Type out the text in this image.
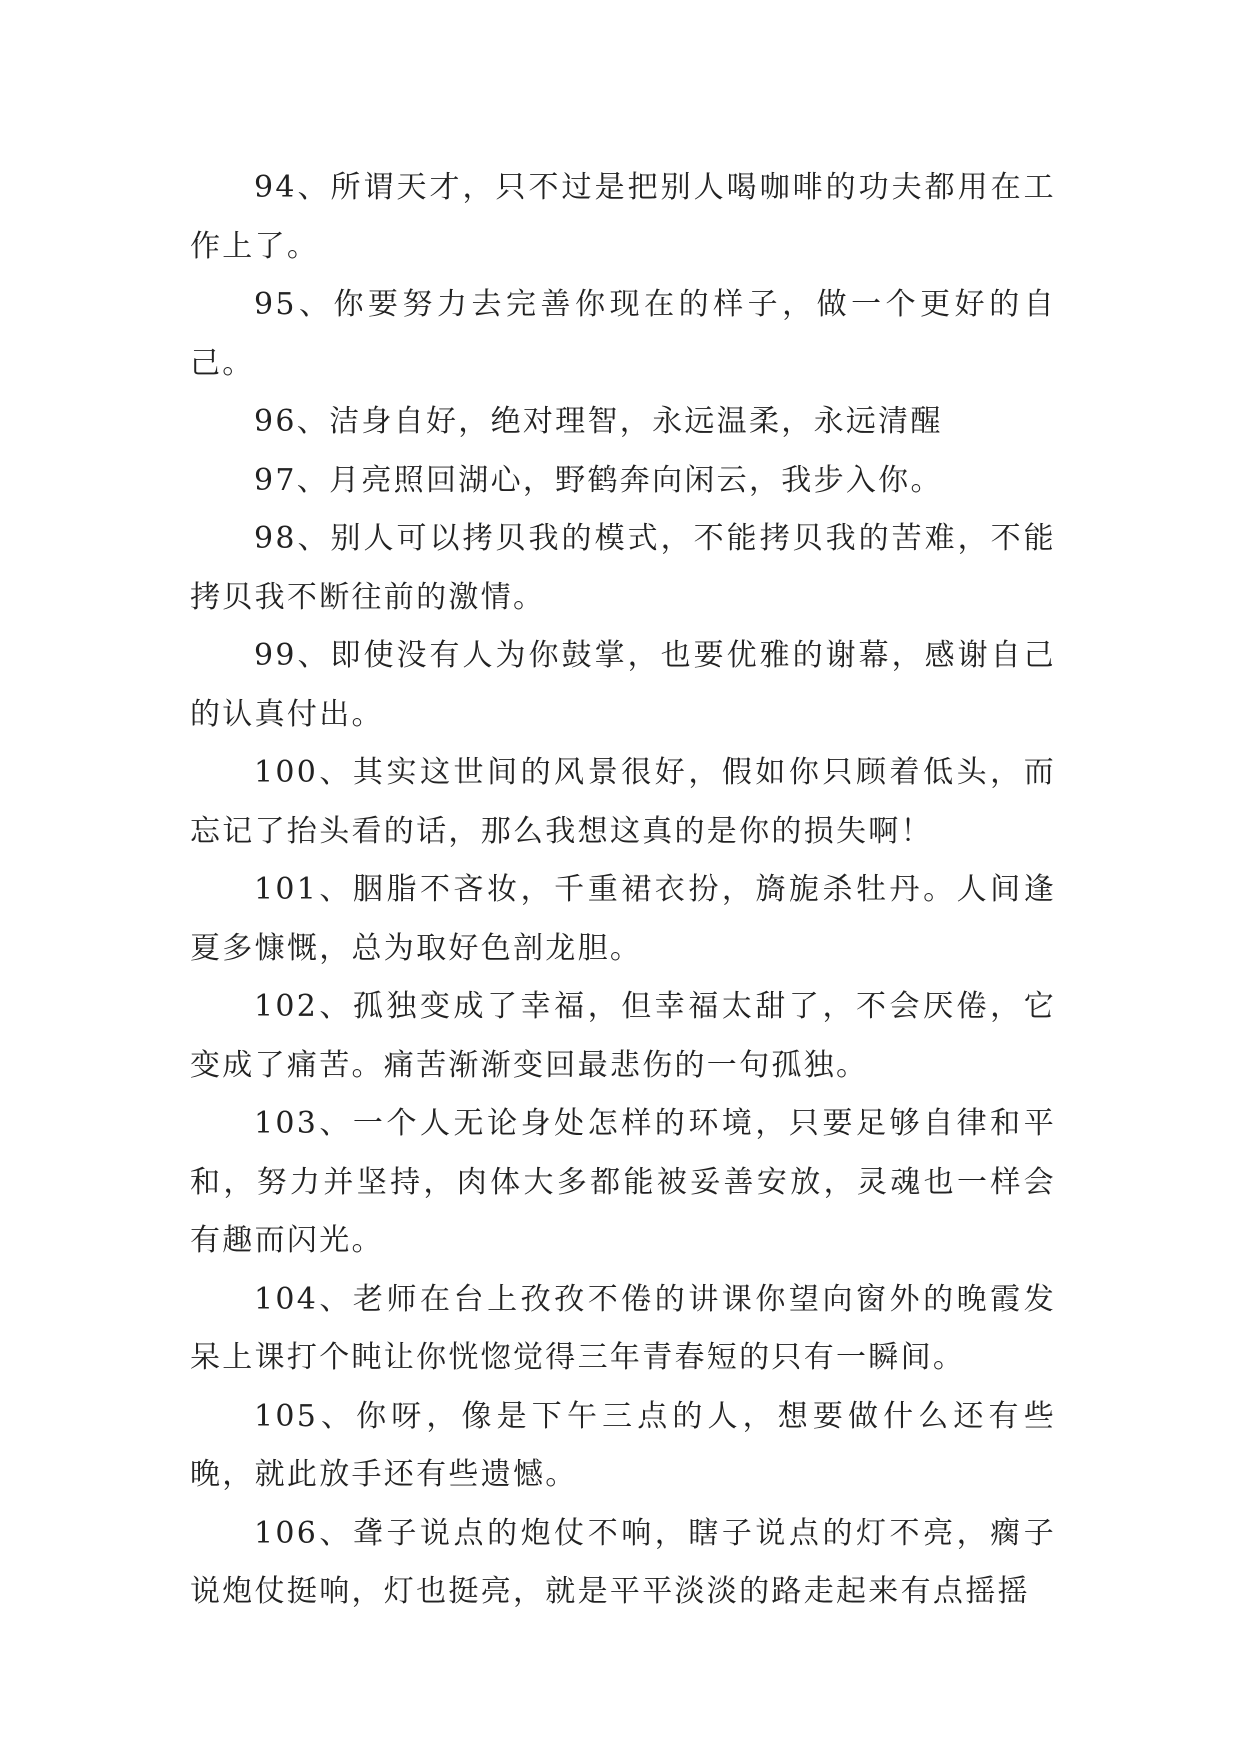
94、所谓天才，只不过是把别人喝咖啡的功夫都用在工作上了。

95、你要努力去完善你现在的样子，做一个更好的自己。

96、洁身自好，绝对理智，永远温柔，永远清醒

97、月亮照回湖心，野鹤奔向闲云，我步入你。

98、别人可以拷贝我的模式，不能拷贝我的苦难，不能拷贝我不断往前的激情。

99、即使没有人为你鼓掌，也要优雅的谢幕，感谢自己的认真付出。

100、其实这世间的风景很好，假如你只顾着低头，而忘记了抬头看的话，那么我想这真的是你的损失啊！

101、胭脂不吝妆，千重裙衣扮，旖旎杀牡丹。人间逢夏多慷慨，总为取好色剖龙胆。

102、孤独变成了幸福，但幸福太甜了，不会厌倦，它变成了痛苦。痛苦渐渐变回最悲伤的一句孤独。

103、一个人无论身处怎样的环境，只要足够自律和平和，努力并坚持，肉体大多都能被妥善安放，灵魂也一样会有趣而闪光。

104、老师在台上孜孜不倦的讲课你望向窗外的晚霞发呆上课打个盹让你恍惚觉得三年青春短的只有一瞬间。

105、你呀，像是下午三点的人，想要做什么还有些晚，就此放手还有些遗憾。

106、聋子说点的炮仗不响，瞎子说点的灯不亮，瘸子说炮仗挺响，灯也挺亮，就是平平淡淡的路走起来有点摇摇
